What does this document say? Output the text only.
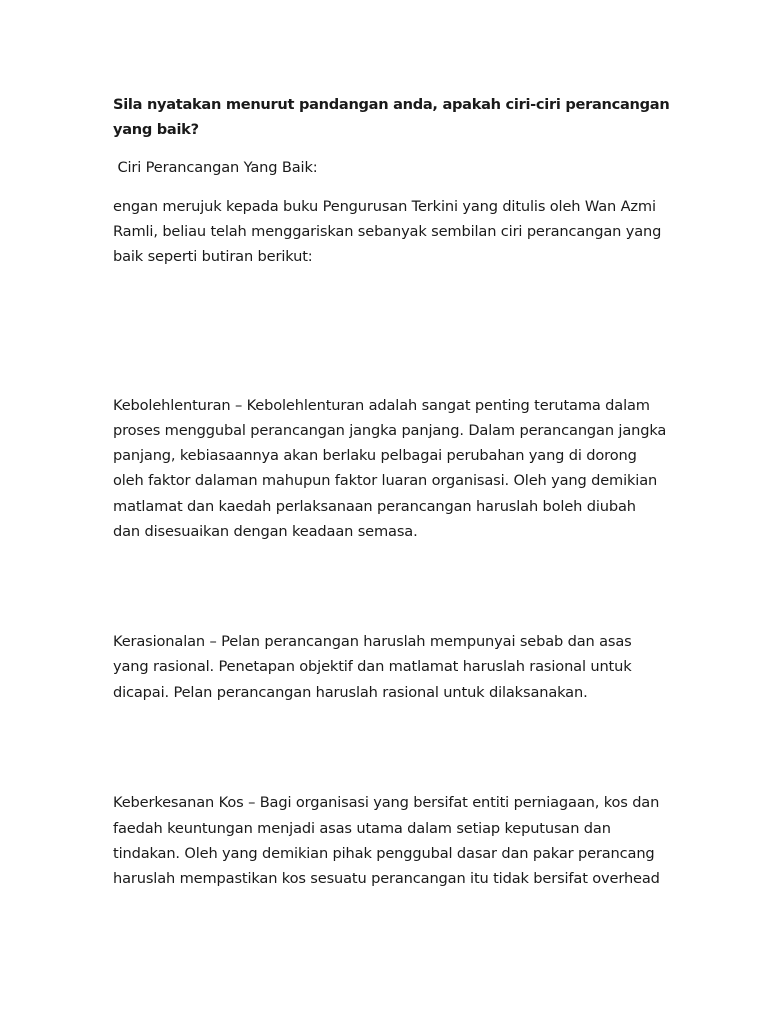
Sila nyatakan menurut pandangan anda, apakah ciri-ciri perancangan
yang baik?
Ciri Perancangan Yang Baik:
engan merujuk kepada buku Pengurusan Terkini yang ditulis oleh Wan Azmi
Ramli, beliau telah menggariskan sebanyak sembilan ciri perancangan yang
baik seperti butiran berikut:
Kebolehlenturan – Kebolehlenturan adalah sangat penting terutama dalam
proses menggubal perancangan jangka panjang. Dalam perancangan jangka
panjang, kebiasaannya akan berlaku pelbagai perubahan yang di dorong
oleh faktor dalaman mahupun faktor luaran organisasi. Oleh yang demikian
matlamat dan kaedah perlaksanaan perancangan haruslah boleh diubah
dan disesuaikan dengan keadaan semasa.
Kerasionalan – Pelan perancangan haruslah mempunyai sebab dan asas
yang rasional. Penetapan objektif dan matlamat haruslah rasional untuk
dicapai. Pelan perancangan haruslah rasional untuk dilaksanakan.
Keberkesanan Kos – Bagi organisasi yang bersifat entiti perniagaan, kos dan
faedah keuntungan menjadi asas utama dalam setiap keputusan dan
tindakan. Oleh yang demikian pihak penggubal dasar dan pakar perancang
haruslah mempastikan kos sesuatu perancangan itu tidak bersifat overhead
